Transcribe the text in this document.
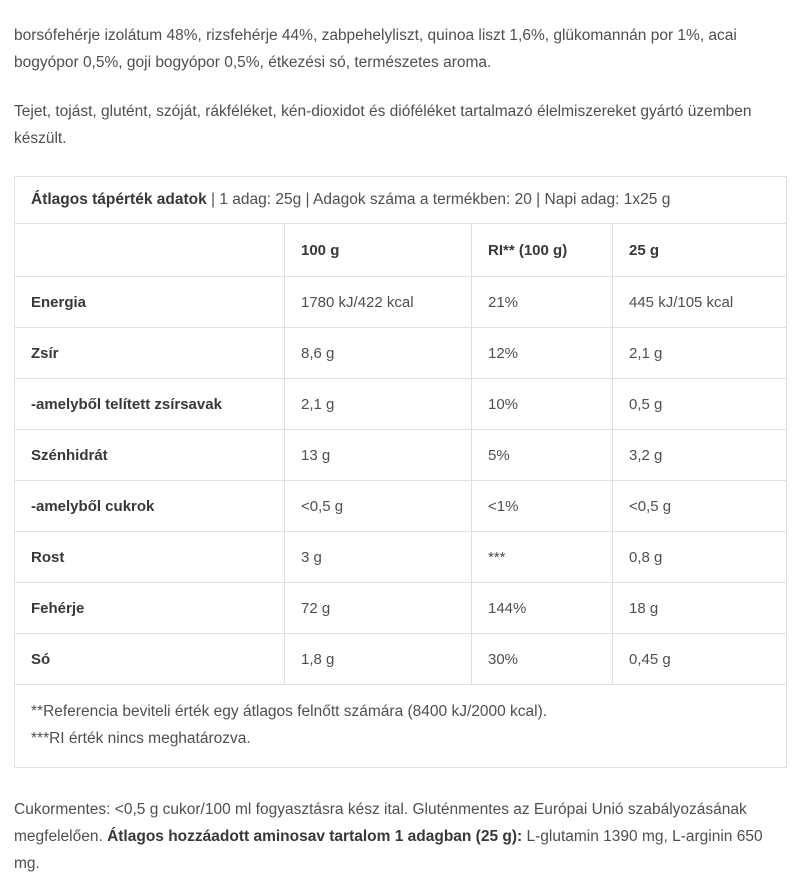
borsófehérje izolátum 48%, rizsfehérje 44%, zabpehelyliszt, quinoa liszt 1,6%, glükomannán por 1%, acai bogyópor 0,5%, goji bogyópor 0,5%, étkezési só, természetes aroma.

Tejet, tojást, glutént, szóját, rákféléket, kén-dioxidot és dióféléket tartalmazó élelmiszereket gyártó üzemben készült.

Átlagos tápérték adatok | 1 adag: 25g | Adagok száma a termékben: 20 | Napi adag: 1x25 g			
	100 g	RI** (100 g)	25 g
Energia	1780 kJ/422 kcal	21%	445 kJ/105 kcal
Zsír	8,6 g	12%	2,1 g
-amelyből telített zsírsavak	2,1 g	10%	0,5 g
Szénhidrát	13 g	5%	3,2 g
-amelyből cukrok	<0,5 g	<1%	<0,5 g
Rost	3 g	***	0,8 g
Fehérje	72 g	144%	18 g
Só	1,8 g	30%	0,45 g

**Referencia beviteli érték egy átlagos felnőtt számára (8400 kJ/2000 kcal).
***RI érték nincs meghatározva.			

Cukormentes: <0,5 g cukor/100 ml fogyasztásra kész ital. Gluténmentes az Európai Unió szabályozásának megfelelően. Átlagos hozzáadott aminosav tartalom 1 adagban (25 g): L-glutamin 1390 mg, L-arginin 650 mg.
